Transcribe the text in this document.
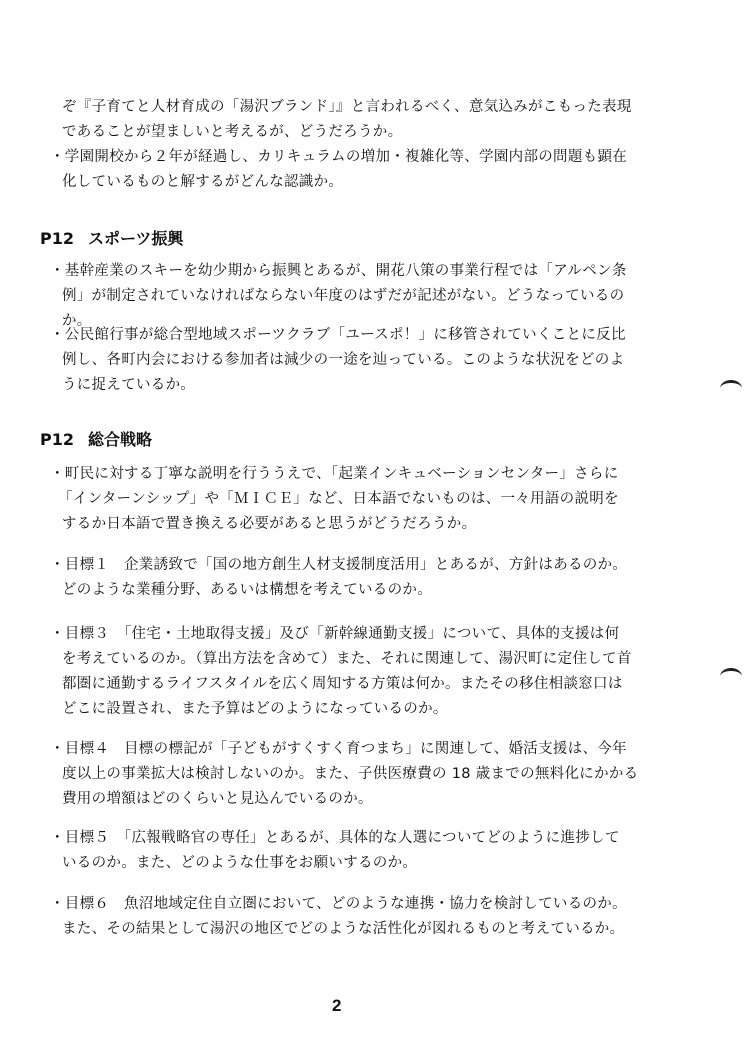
ぞ『子育てと人材育成の「湯沢ブランド」』と言われるべく、意気込みがこもった表現
であることが望ましいと考えるが、どうだろうか。
・学園開校から２年が経過し、カリキュラムの増加・複雑化等、学園内部の問題も顕在
化しているものと解するがどんな認識か。
P12 スポーツ振興
・基幹産業のスキーを幼少期から振興とあるが、開花八策の事業行程では「アルペン条
例」が制定されていなければならない年度のはずだが記述がない。どうなっているの
か。
・公民館行事が総合型地域スポーツクラブ「ユースポ！」に移管されていくことに反比
例し、各町内会における参加者は減少の一途を辿っている。このような状況をどのよ
うに捉えているか。
P12 総合戦略
・町民に対する丁寧な説明を行ううえで、「起業インキュベーションセンター」さらに
「インターンシップ」や「ＭＩＣＥ」など、日本語でないものは、一々用語の説明を
するか日本語で置き換える必要があると思うがどうだろうか。
・目標１　企業誘致で「国の地方創生人材支援制度活用」とあるが、方針はあるのか。
どのような業種分野、あるいは構想を考えているのか。
・目標３　「住宅・土地取得支援」及び「新幹線通勤支援」について、具体的支援は何
を考えているのか。（算出方法を含めて）また、それに関連して、湯沢町に定住して首
都圏に通勤するライフスタイルを広く周知する方策は何か。またその移住相談窓口は
どこに設置され、また予算はどのようになっているのか。
・目標４　目標の標記が「子どもがすくすく育つまち」に関連して、婚活支援は、今年
度以上の事業拡大は検討しないのか。また、子供医療費の 18 歳までの無料化にかかる
費用の増額はどのくらいと見込んでいるのか。
・目標５　「広報戦略官の専任」とあるが、具体的な人選についてどのように進捗して
いるのか。また、どのような仕事をお願いするのか。
・目標６　魚沼地域定住自立圏において、どのような連携・協力を検討しているのか。
また、その結果として湯沢の地区でどのような活性化が図れるものと考えているか。
2
